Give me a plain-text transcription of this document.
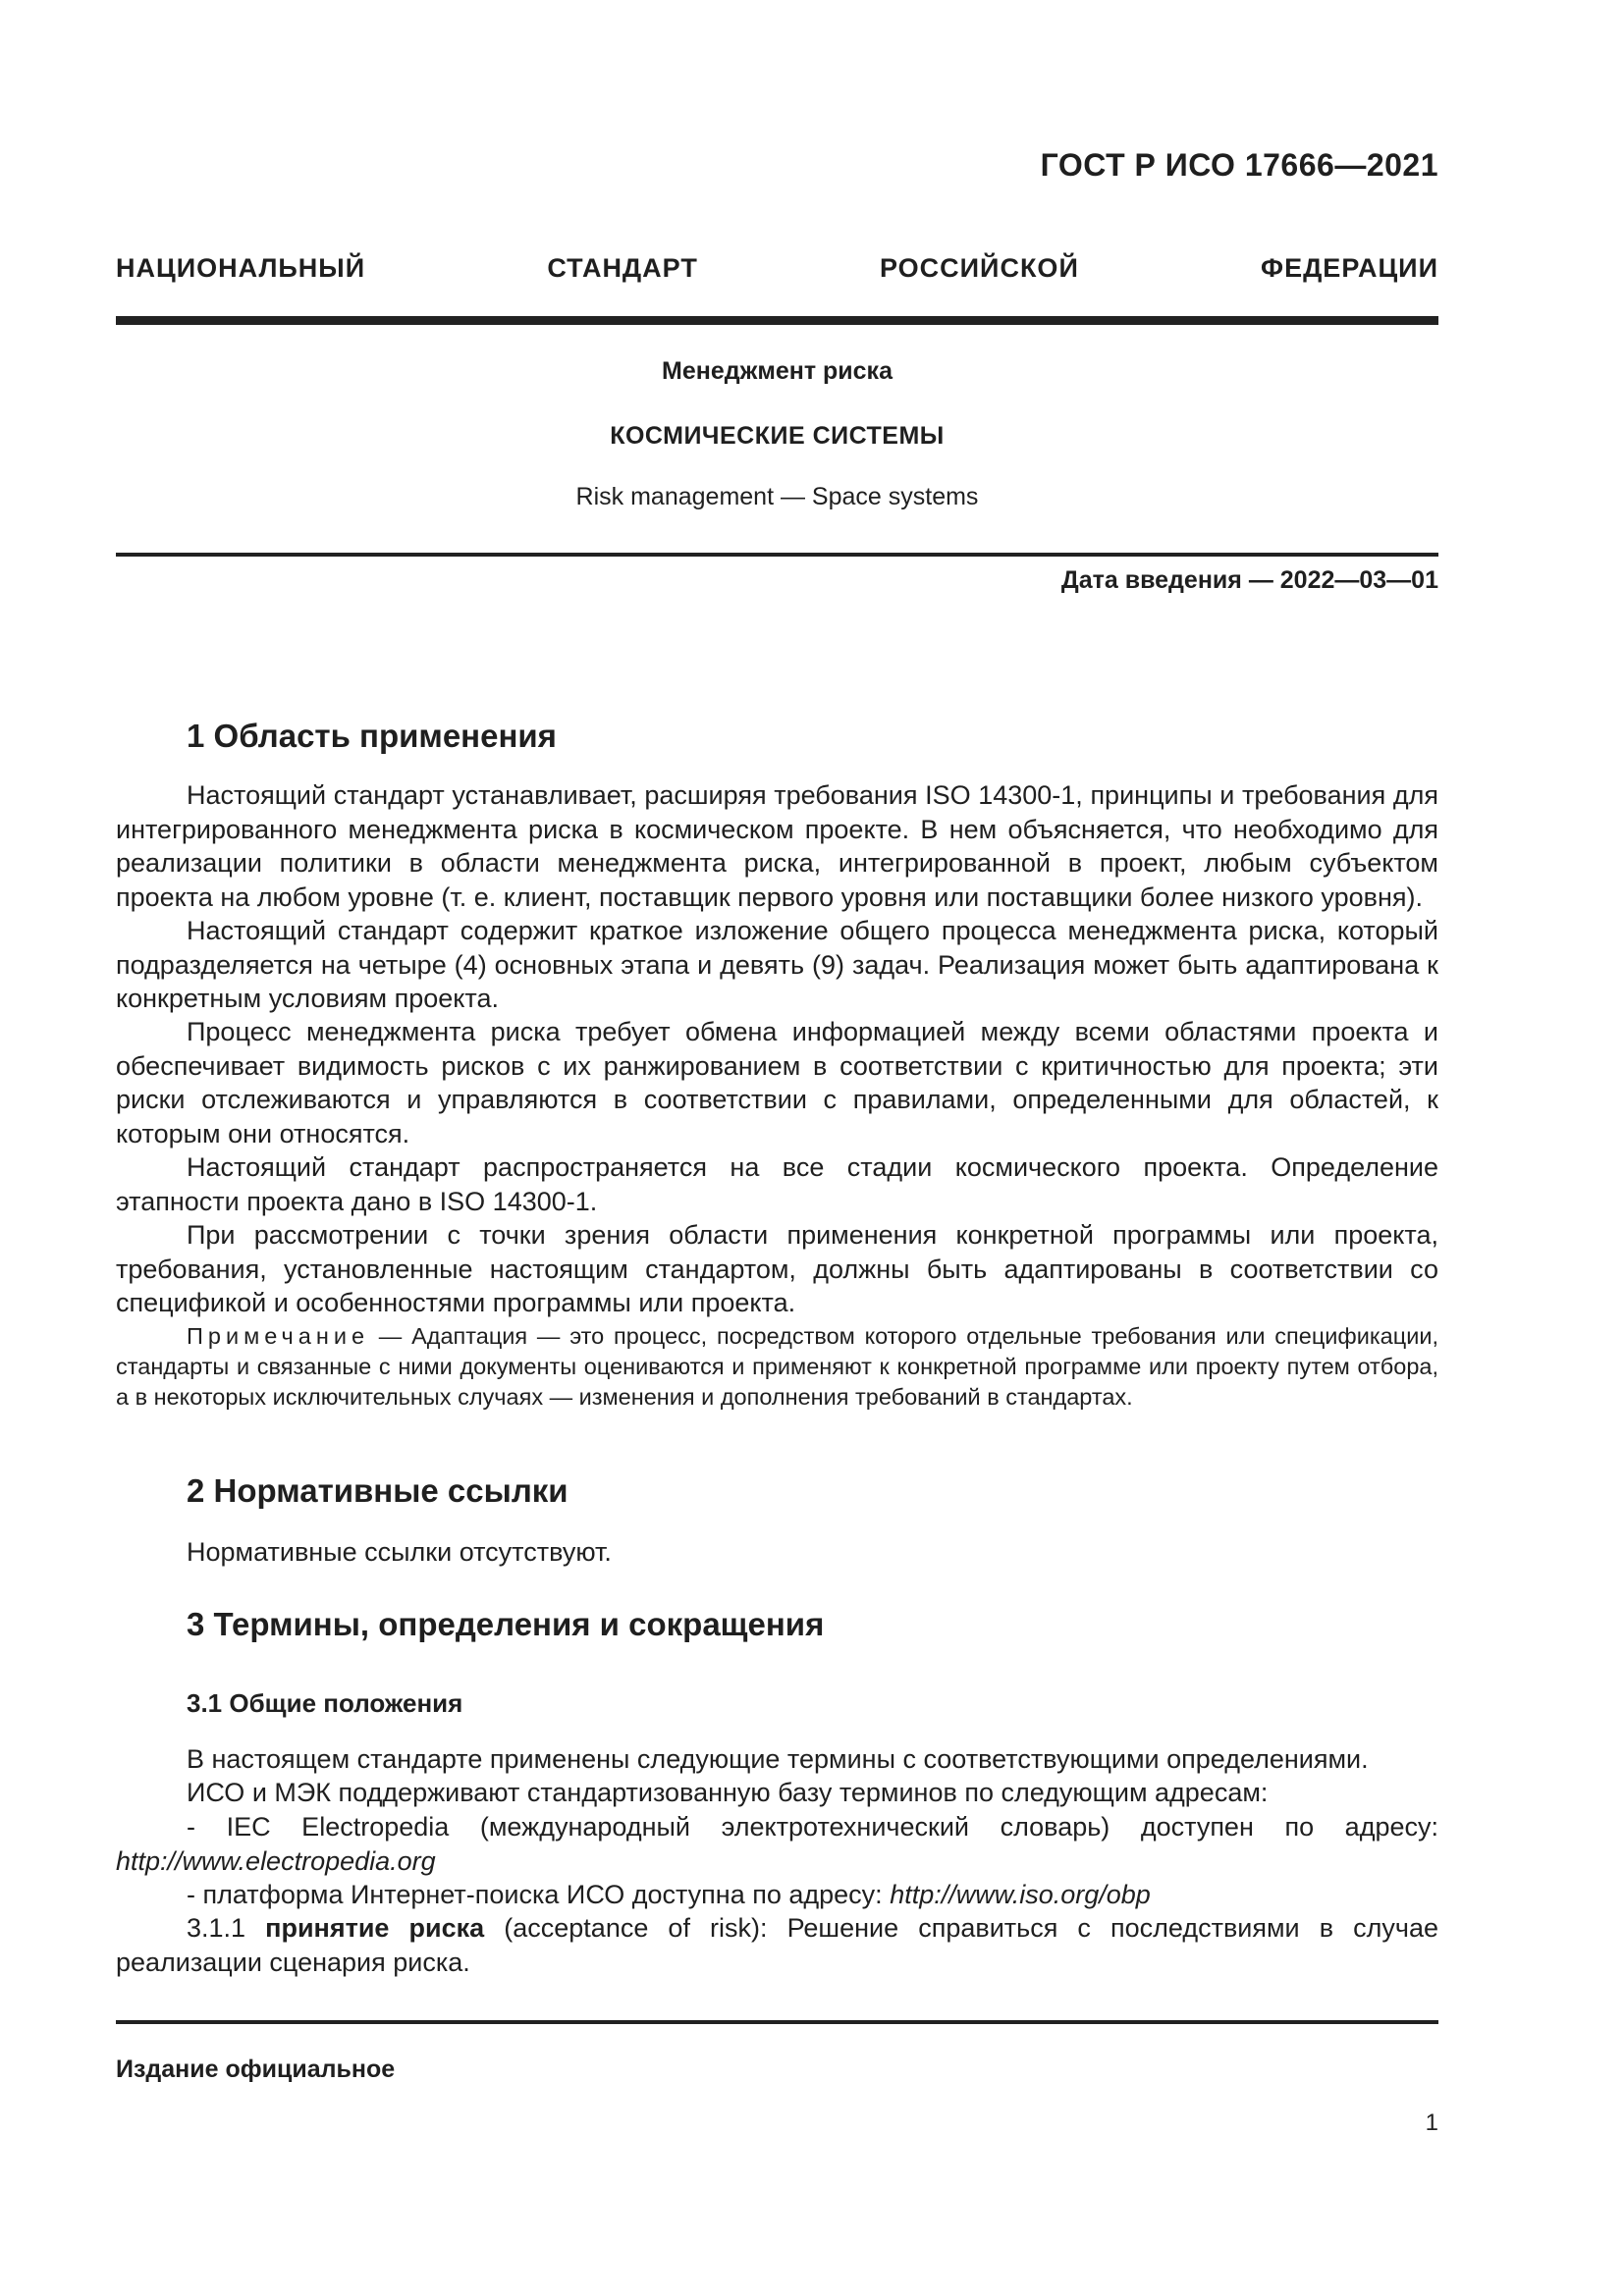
ГОСТ Р ИСО 17666—2021
НАЦИОНАЛЬНЫЙ СТАНДАРТ РОССИЙСКОЙ ФЕДЕРАЦИИ
Менеджмент риска
КОСМИЧЕСКИЕ СИСТЕМЫ
Risk management — Space systems
Дата введения — 2022—03—01
1 Область применения

Настоящий стандарт устанавливает, расширяя требования ISO 14300-1, принципы и требования для интегрированного менеджмента риска в космическом проекте. В нем объясняется, что необходимо для реализации политики в области менеджмента риска, интегрированной в проект, любым субъектом проекта на любом уровне (т. е. клиент, поставщик первого уровня или поставщики более низкого уровня).

Настоящий стандарт содержит краткое изложение общего процесса менеджмента риска, который подразделяется на четыре (4) основных этапа и девять (9) задач. Реализация может быть адаптирована к конкретным условиям проекта.

Процесс менеджмента риска требует обмена информацией между всеми областями проекта и обеспечивает видимость рисков с их ранжированием в соответствии с критичностью для проекта; эти риски отслеживаются и управляются в соответствии с правилами, определенными для областей, к которым они относятся.

Настоящий стандарт распространяется на все стадии космического проекта. Определение этапности проекта дано в ISO 14300-1.

При рассмотрении с точки зрения области применения конкретной программы или проекта, требования, установленные настоящим стандартом, должны быть адаптированы в соответствии со спецификой и особенностями программы или проекта.

Примечание — Адаптация — это процесс, посредством которого отдельные требования или спецификации, стандарты и связанные с ними документы оцениваются и применяют к конкретной программе или проекту путем отбора, а в некоторых исключительных случаях — изменения и дополнения требований в стандартах.

2 Нормативные ссылки

Нормативные ссылки отсутствуют.

3 Термины, определения и сокращения
3.1 Общие положения

В настоящем стандарте применены следующие термины с соответствующими определениями.

ИСО и МЭК поддерживают стандартизованную базу терминов по следующим адресам:

- IEC Electropedia (международный электротехнический словарь) доступен по адресу: http://www.electropedia.org

- платформа Интернет-поиска ИСО доступна по адресу: http://www.iso.org/obp

3.1.1 принятие риска (acceptance of risk): Решение справиться с последствиями в случае реализации сценария риска.

Издание официальное
1
